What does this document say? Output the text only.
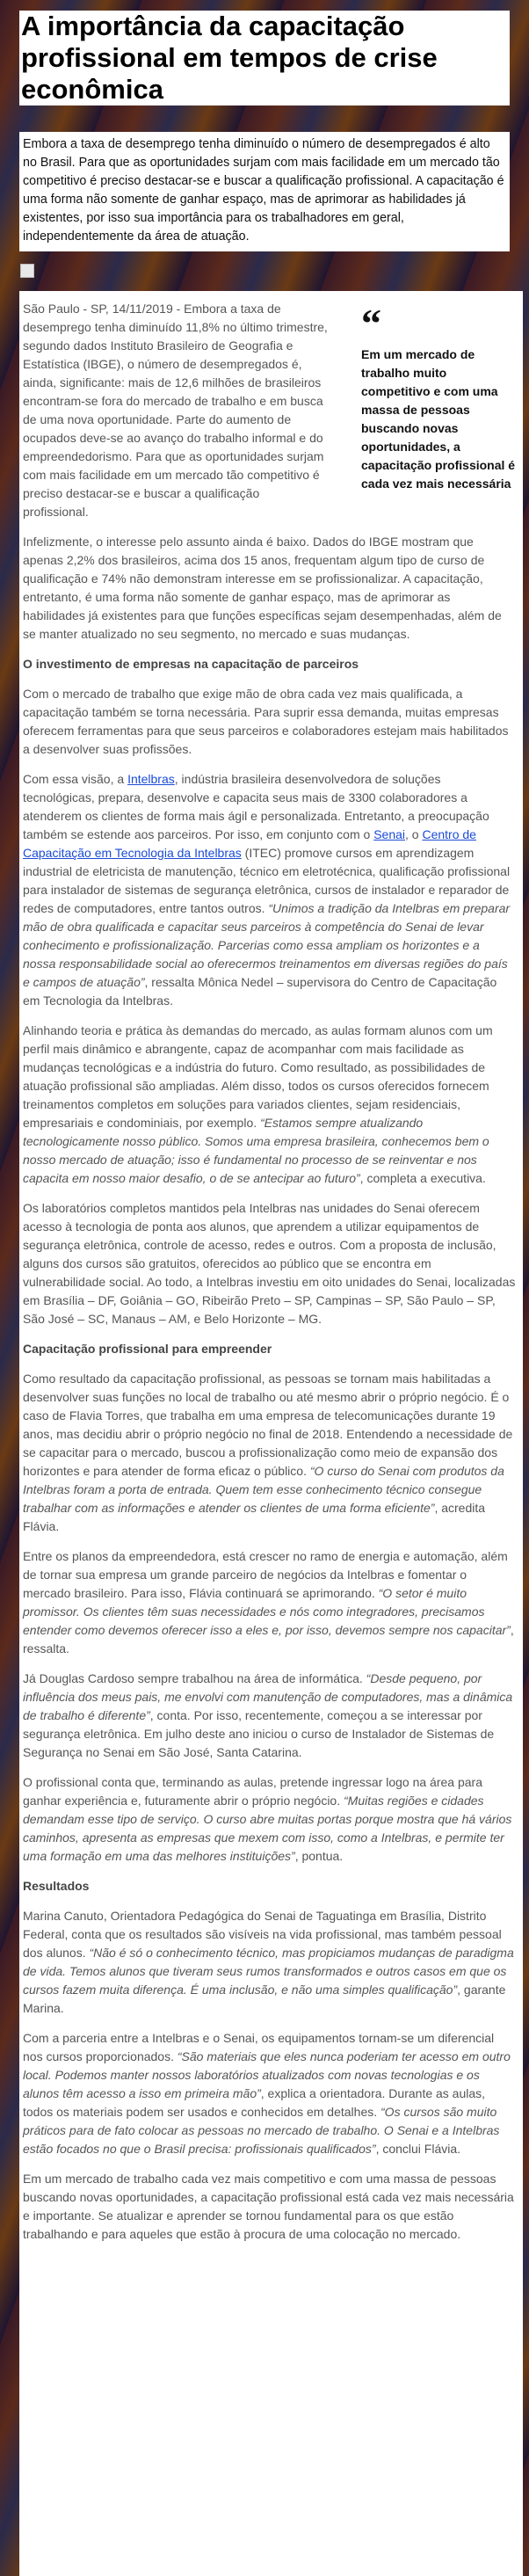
A importância da capacitação profissional em tempos de crise econômica

Embora a taxa de desemprego tenha diminuído o número de desempregados é alto no Brasil. Para que as oportunidades surjam com mais facilidade em um mercado tão competitivo é preciso destacar-se e buscar a qualificação profissional. A capacitação é uma forma não somente de ganhar espaço, mas de aprimorar as habilidades já existentes, por isso sua importância para os trabalhadores em geral, independentemente da área de atuação.

“
Em um mercado de trabalho muito competitivo e com uma massa de pessoas buscando novas oportunidades, a capacitação profissional é cada vez mais necessária

São Paulo - SP, 14/11/2019 - Embora a taxa de desemprego tenha diminuído 11,8% no último trimestre, segundo dados Instituto Brasileiro de Geografia e Estatística (IBGE), o número de desempregados é, ainda, significante: mais de 12,6 milhões de brasileiros encontram-se fora do mercado de trabalho e em busca de uma nova oportunidade. Parte do aumento de ocupados deve-se ao avanço do trabalho informal e do empreendedorismo. Para que as oportunidades surjam com mais facilidade em um mercado tão competitivo é preciso destacar-se e buscar a qualificação profissional.

Infelizmente, o interesse pelo assunto ainda é baixo. Dados do IBGE mostram que apenas 2,2% dos brasileiros, acima dos 15 anos, frequentam algum tipo de curso de qualificação e 74% não demonstram interesse em se profissionalizar. A capacitação, entretanto, é uma forma não somente de ganhar espaço, mas de aprimorar as habilidades já existentes para que funções específicas sejam desempenhadas, além de se manter atualizado no seu segmento, no mercado e suas mudanças.

O investimento de empresas na capacitação de parceiros

Com o mercado de trabalho que exige mão de obra cada vez mais qualificada, a capacitação também se torna necessária. Para suprir essa demanda, muitas empresas oferecem ferramentas para que seus parceiros e colaboradores estejam mais habilitados a desenvolver suas profissões.

Com essa visão, a Intelbras, indústria brasileira desenvolvedora de soluções tecnológicas, prepara, desenvolve e capacita seus mais de 3300 colaboradores a atenderem os clientes de forma mais ágil e personalizada. Entretanto, a preocupação também se estende aos parceiros. Por isso, em conjunto com o Senai, o Centro de Capacitação em Tecnologia da Intelbras (ITEC) promove cursos em aprendizagem industrial de eletricista de manutenção, técnico em eletrotécnica, qualificação profissional para instalador de sistemas de segurança eletrônica, cursos de instalador e reparador de redes de computadores, entre tantos outros. “Unimos a tradição da Intelbras em preparar mão de obra qualificada e capacitar seus parceiros à competência do Senai de levar conhecimento e profissionalização. Parcerias como essa ampliam os horizontes e a nossa responsabilidade social ao oferecermos treinamentos em diversas regiões do país e campos de atuação”, ressalta Mônica Nedel – supervisora do Centro de Capacitação em Tecnologia da Intelbras.

Alinhando teoria e prática às demandas do mercado, as aulas formam alunos com um perfil mais dinâmico e abrangente, capaz de acompanhar com mais facilidade as mudanças tecnológicas e a indústria do futuro. Como resultado, as possibilidades de atuação profissional são ampliadas. Além disso, todos os cursos oferecidos fornecem treinamentos completos em soluções para variados clientes, sejam residenciais, empresariais e condominiais, por exemplo. “Estamos sempre atualizando tecnologicamente nosso público. Somos uma empresa brasileira, conhecemos bem o nosso mercado de atuação; isso é fundamental no processo de se reinventar e nos capacita em nosso maior desafio, o de se antecipar ao futuro”, completa a executiva.

Os laboratórios completos mantidos pela Intelbras nas unidades do Senai oferecem acesso à tecnologia de ponta aos alunos, que aprendem a utilizar equipamentos de segurança eletrônica, controle de acesso, redes e outros. Com a proposta de inclusão, alguns dos cursos são gratuitos, oferecidos ao público que se encontra em vulnerabilidade social. Ao todo, a Intelbras investiu em oito unidades do Senai, localizadas em Brasília – DF, Goiânia – GO, Ribeirão Preto – SP, Campinas – SP, São Paulo – SP, São José – SC, Manaus – AM, e Belo Horizonte – MG.

Capacitação profissional para empreender

Como resultado da capacitação profissional, as pessoas se tornam mais habilitadas a desenvolver suas funções no local de trabalho ou até mesmo abrir o próprio negócio. É o caso de Flavia Torres, que trabalha em uma empresa de telecomunicações durante 19 anos, mas decidiu abrir o próprio negócio no final de 2018. Entendendo a necessidade de se capacitar para o mercado, buscou a profissionalização como meio de expansão dos horizontes e para atender de forma eficaz o público. “O curso do Senai com produtos da Intelbras foram a porta de entrada. Quem tem esse conhecimento técnico consegue trabalhar com as informações e atender os clientes de uma forma eficiente”, acredita Flávia.

Entre os planos da empreendedora, está crescer no ramo de energia e automação, além de tornar sua empresa um grande parceiro de negócios da Intelbras e fomentar o mercado brasileiro. Para isso, Flávia continuará se aprimorando. “O setor é muito promissor. Os clientes têm suas necessidades e nós como integradores, precisamos entender como devemos oferecer isso a eles e, por isso, devemos sempre nos capacitar”, ressalta.

Já Douglas Cardoso sempre trabalhou na área de informática. “Desde pequeno, por influência dos meus pais, me envolvi com manutenção de computadores, mas a dinâmica de trabalho é diferente”, conta. Por isso, recentemente, começou a se interessar por segurança eletrônica. Em julho deste ano iniciou o curso de Instalador de Sistemas de Segurança no Senai em São José, Santa Catarina.

O profissional conta que, terminando as aulas, pretende ingressar logo na área para ganhar experiência e, futuramente abrir o próprio negócio. “Muitas regiões e cidades demandam esse tipo de serviço. O curso abre muitas portas porque mostra que há vários caminhos, apresenta as empresas que mexem com isso, como a Intelbras, e permite ter uma formação em uma das melhores instituições”, pontua.

Resultados

Marina Canuto, Orientadora Pedagógica do Senai de Taguatinga em Brasília, Distrito Federal, conta que os resultados são visíveis na vida profissional, mas também pessoal dos alunos. “Não é só o conhecimento técnico, mas propiciamos mudanças de paradigma de vida. Temos alunos que tiveram seus rumos transformados e outros casos em que os cursos fazem muita diferença. É uma inclusão, e não uma simples qualificação”, garante Marina.

Com a parceria entre a Intelbras e o Senai, os equipamentos tornam-se um diferencial nos cursos proporcionados. “São materiais que eles nunca poderiam ter acesso em outro local. Podemos manter nossos laboratórios atualizados com novas tecnologias e os alunos têm acesso a isso em primeira mão”, explica a orientadora. Durante as aulas, todos os materiais podem ser usados e conhecidos em detalhes. “Os cursos são muito práticos para de fato colocar as pessoas no mercado de trabalho. O Senai e a Intelbras estão focados no que o Brasil precisa: profissionais qualificados”, conclui Flávia.

Em um mercado de trabalho cada vez mais competitivo e com uma massa de pessoas buscando novas oportunidades, a capacitação profissional está cada vez mais necessária e importante. Se atualizar e aprender se tornou fundamental para os que estão trabalhando e para aqueles que estão à procura de uma colocação no mercado.
